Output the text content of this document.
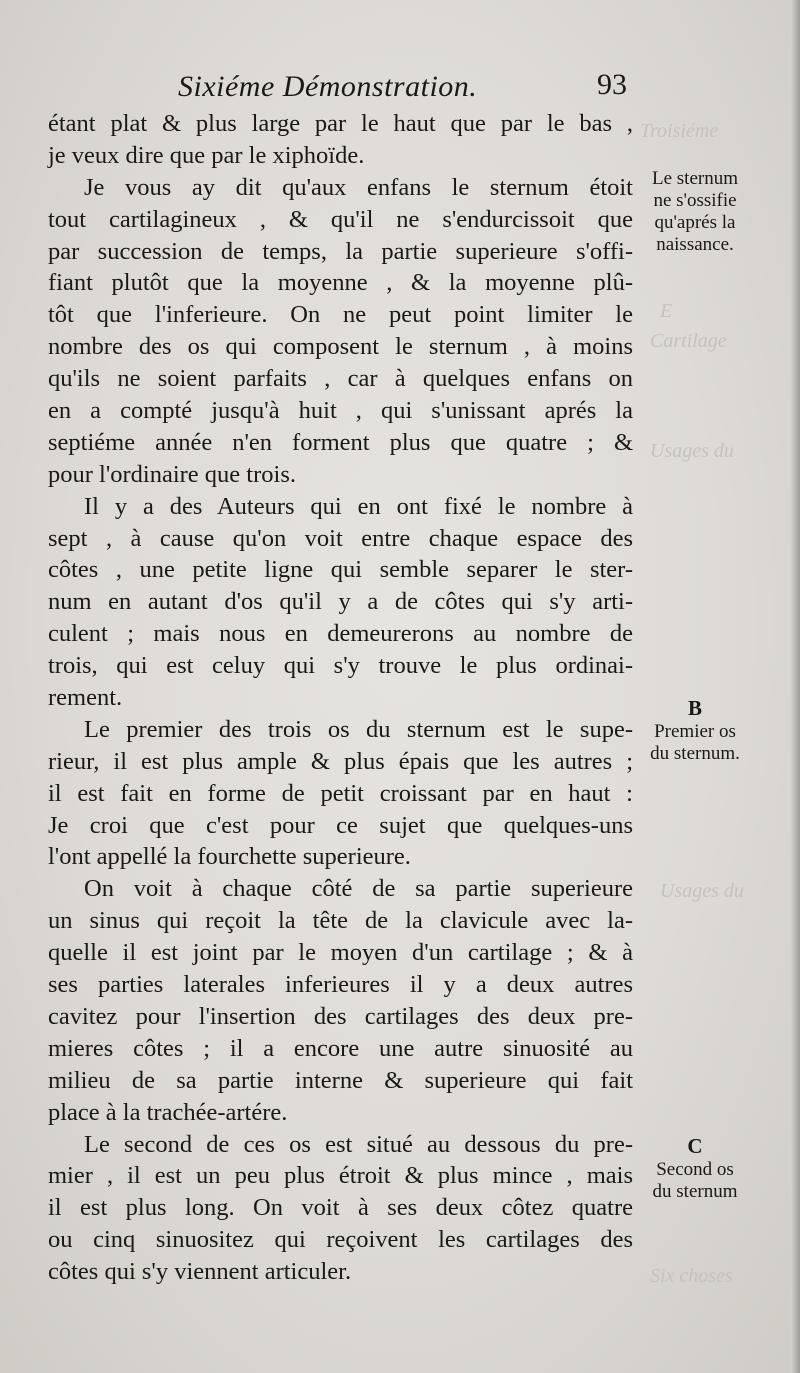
Troisiéme
E
Cartilage
Usages du
Usages du
Six choses
Sixiéme Démonstration.	93
étant plat & plus large par le haut que par le bas ,
je veux dire que par le xiphoïde.
Je vous ay dit qu'aux enfans le sternum étoit
tout cartilagineux , & qu'il ne s'endurcissoit que
par succession de temps, la partie superieure s'offi-
fiant plutôt que la moyenne , & la moyenne plû-
tôt que l'inferieure. On ne peut point limiter le
nombre des os qui composent le sternum , à moins
qu'ils ne soient parfaits , car à quelques enfans on
en a compté jusqu'à huit , qui s'unissant aprés la
septiéme année n'en forment plus que quatre ; &
pour l'ordinaire que trois.
Il y a des Auteurs qui en ont fixé le nombre à
sept , à cause qu'on voit entre chaque espace des
côtes , une petite ligne qui semble separer le ster-
num en autant d'os qu'il y a de côtes qui s'y arti-
culent ; mais nous en demeurerons au nombre de
trois, qui est celuy qui s'y trouve le plus ordinai-
rement.
Le premier des trois os du sternum est le supe-
rieur, il est plus ample & plus épais que les autres ;
il est fait en forme de petit croissant par en haut :
Je croi que c'est pour ce sujet que quelques-uns
l'ont appellé la fourchette superieure.
On voit à chaque côté de sa partie superieure
un sinus qui reçoit la tête de la clavicule avec la-
quelle il est joint par le moyen d'un cartilage ; & à
ses parties laterales inferieures il y a deux autres
cavitez pour l'insertion des cartilages des deux pre-
mieres côtes ; il a encore une autre sinuosité au
milieu de sa partie interne & superieure qui fait
place à la trachée-artére.
Le second de ces os est situé au dessous du pre-
mier , il est un peu plus étroit & plus mince , mais
il est plus long. On voit à ses deux côtez quatre
ou cinq sinuositez qui reçoivent les cartilages des
côtes qui s'y viennent articuler.
Le sternum
ne s'ossifie
qu'aprés la
naissance.
B
Premier os
du sternum.
C
Second os
du sternum
